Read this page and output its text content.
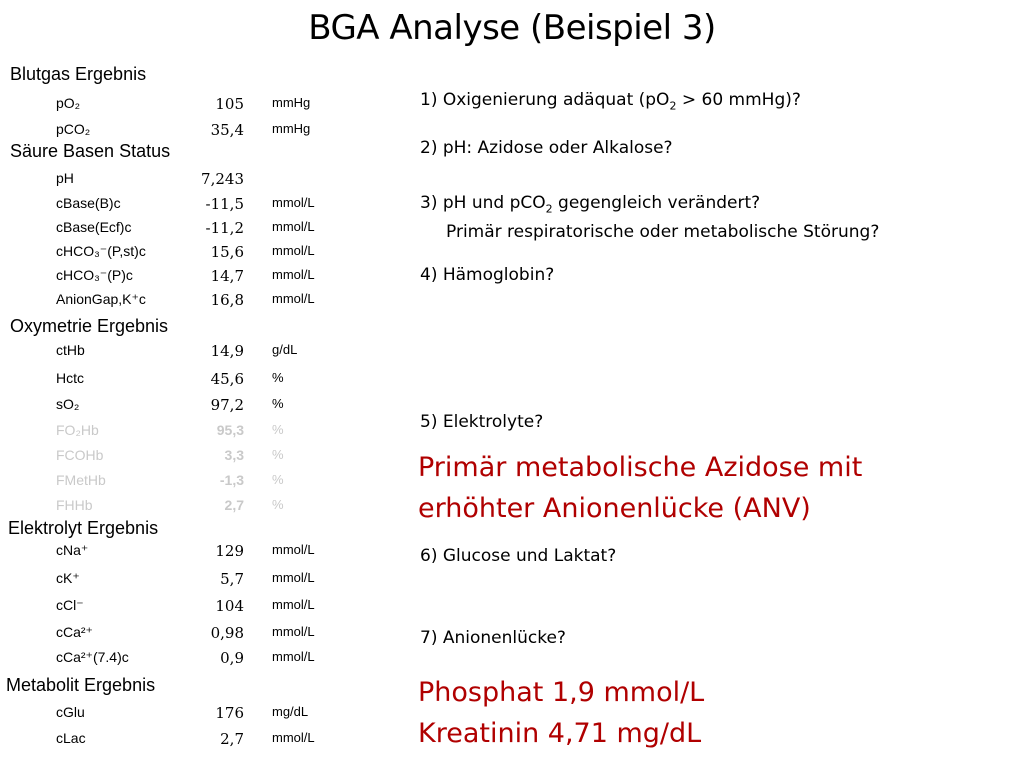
BGA Analyse (Beispiel 3)
Blutgas Ergebnis
pO₂	105 mmHg
pCO₂	35,4 mmHg
Säure Basen Status
pH	7,243
cBase(B)c	-11,5 mmol/L
cBase(Ecf)c	-11,2 mmol/L
cHCO₃⁻(P,st)c	15,6 mmol/L
cHCO₃⁻(P)c	14,7 mmol/L
AnionGap,K⁺c	16,8 mmol/L
Oxymetrie Ergebnis
ctHb	14,9 g/dL
Hctc	45,6 %
sO₂	97,2 %
FO₂Hb	95,3 %
FCOHb	3,3 %
FMetHb	-1,3 %
FHHb	2,7 %
Elektrolyt Ergebnis
cNa⁺	129 mmol/L
cK⁺	5,7 mmol/L
cCl⁻	104 mmol/L
cCa²⁺	0,98 mmol/L
cCa²⁺(7.4)c	0,9 mmol/L
Metabolit Ergebnis
cGlu	176 mg/dL
cLac	2,7 mmol/L
1) Oxigenierung adäquat ($pO_2 > 60$ mmHg)?
2) pH: Azidose oder Alkalose?
3) pH und pCO$_2$ gegengleich verändert?
Primär respiratorische oder metabolische Störung?
4) Hämoglobin?
5) Elektrolyte?
Primär metabolische Azidose mit
erhöhter Anionenlücke (ANV)
6) Glucose und Laktat?
7) Anionenlücke?
Phosphat 1,9 mmol/L
Kreatinin 4,71 mg/dL
